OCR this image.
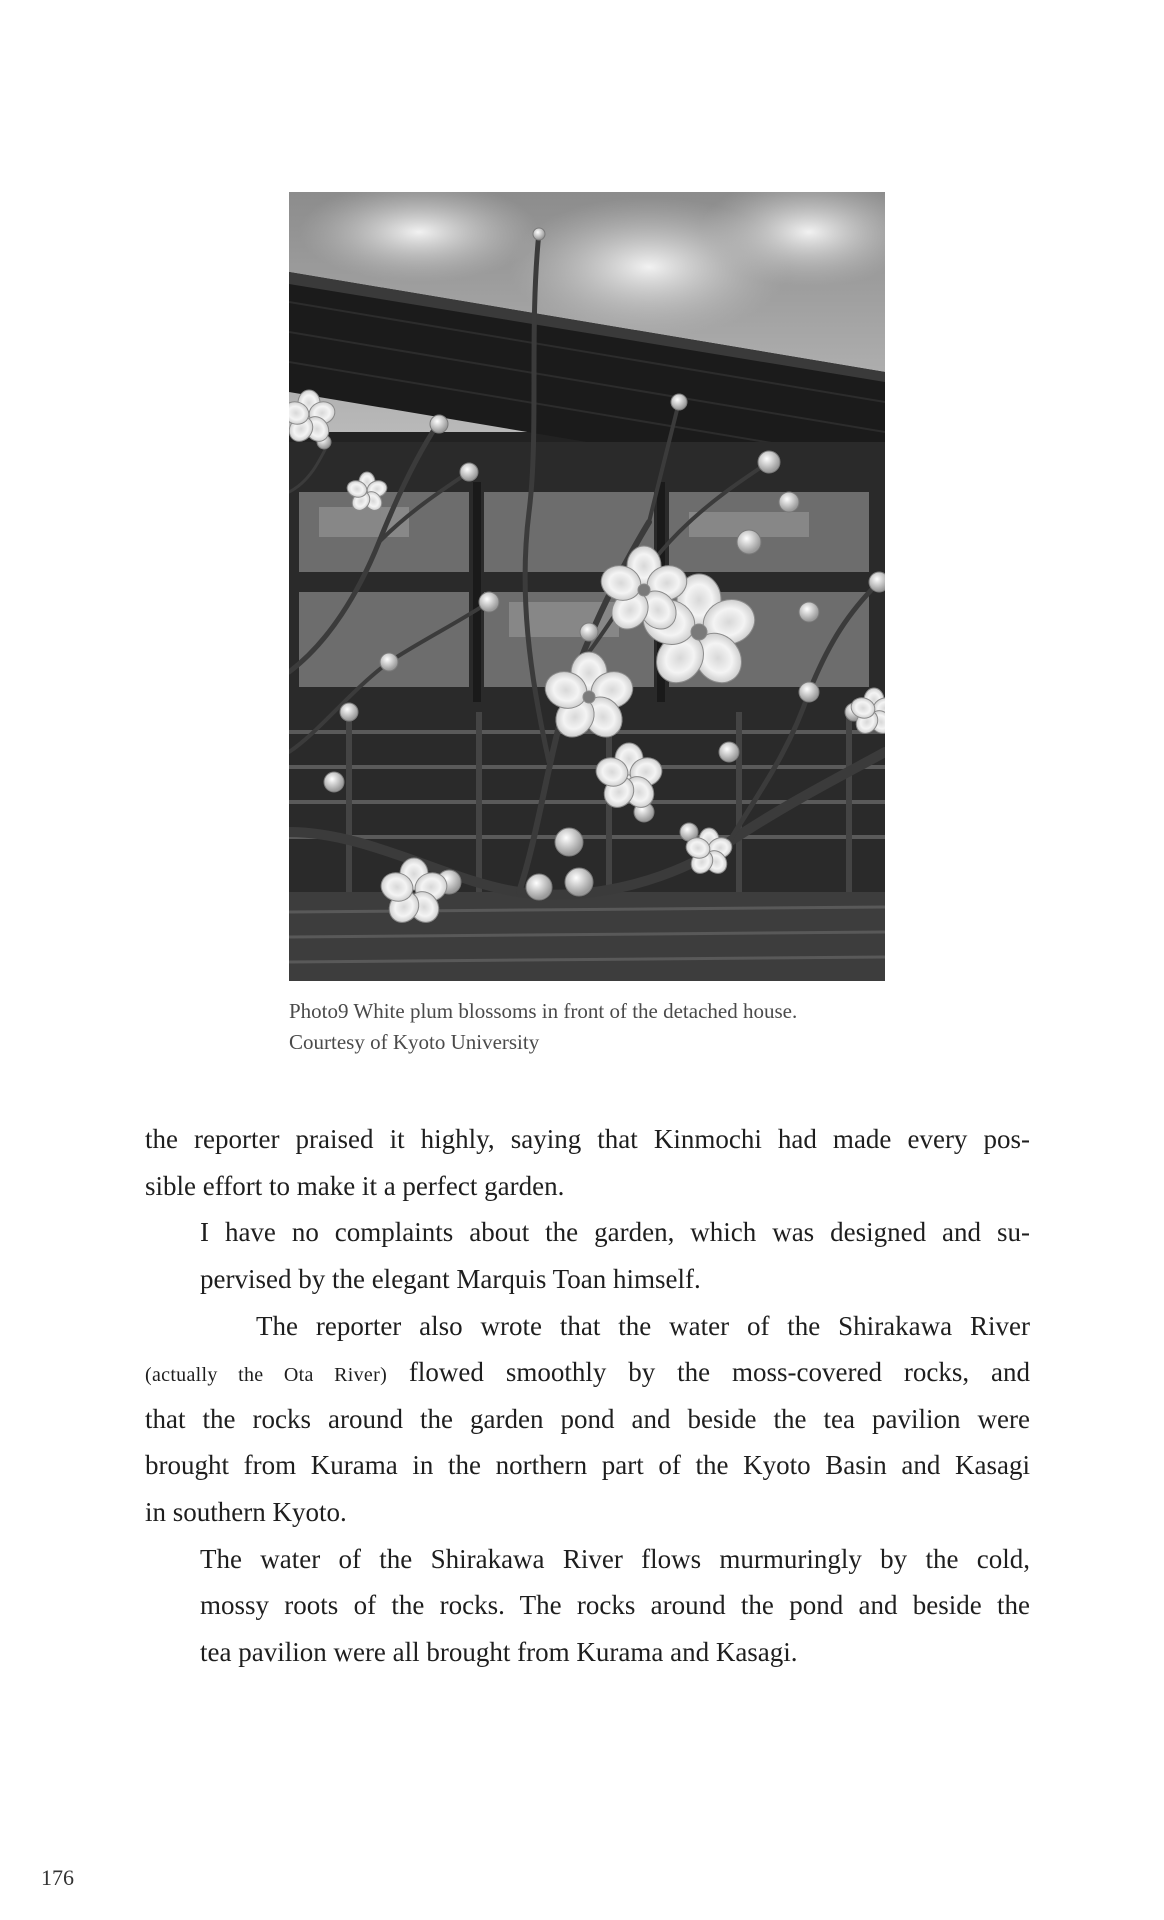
Photo9 White plum blossoms in front of the detached house.
Courtesy of Kyoto University
the reporter praised it highly, saying that Kinmochi had made every pos-
sible effort to make it a perfect garden.
I have no complaints about the garden, which was designed and su-
pervised by the elegant Marquis Toan himself.
The reporter also wrote that the water of the Shirakawa River
(actually the Ota River) flowed smoothly by the moss-covered rocks, and
that the rocks around the garden pond and beside the tea pavilion were
brought from Kurama in the northern part of the Kyoto Basin and Kasagi
in southern Kyoto.
The water of the Shirakawa River flows murmuringly by the cold,
mossy roots of the rocks. The rocks around the pond and beside the
tea pavilion were all brought from Kurama and Kasagi.
176
